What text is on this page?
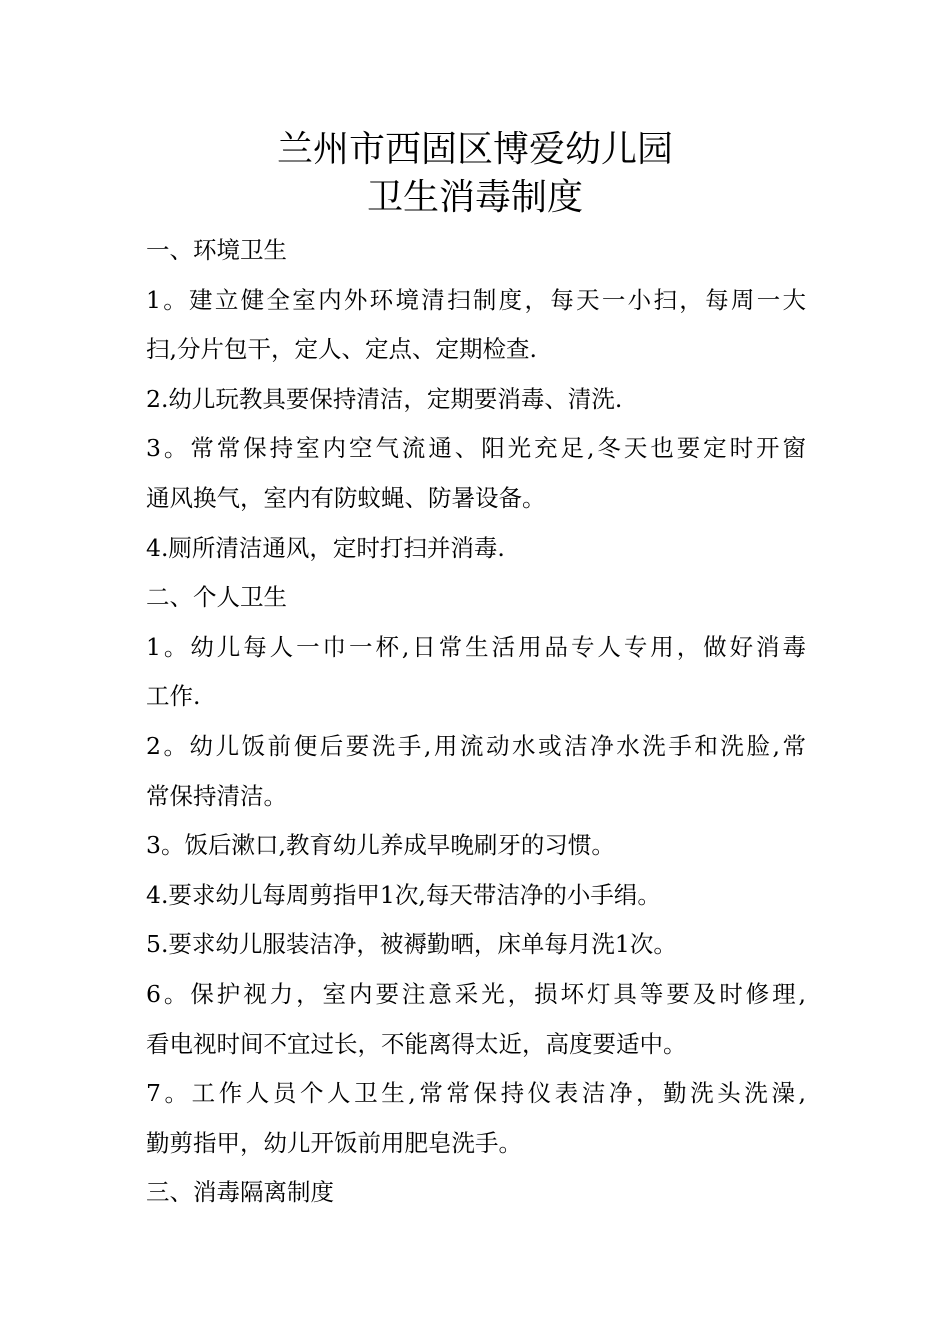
兰州市西固区博爱幼儿园
卫生消毒制度
一、环境卫生
1。建立健全室内外环境清扫制度，每天一小扫，每周一大
扫,分片包干，定人、定点、定期检查.
2.幼儿玩教具要保持清洁，定期要消毒、清洗.
3。常常保持室内空气流通、阳光充足,冬天也要定时开窗
通风换气，室内有防蚊蝇、防暑设备。
4.厕所清洁通风，定时打扫并消毒.
二、个人卫生
1。幼儿每人一巾一杯,日常生活用品专人专用，做好消毒
工作.
2。幼儿饭前便后要洗手,用流动水或洁净水洗手和洗脸,常
常保持清洁。
3。饭后漱口,教育幼儿养成早晚刷牙的习惯。
4.要求幼儿每周剪指甲1次,每天带洁净的小手绢。
5.要求幼儿服装洁净，被褥勤晒，床单每月洗1次。
6。保护视力，室内要注意采光，损坏灯具等要及时修理,
看电视时间不宜过长，不能离得太近，高度要适中。
7。工作人员个人卫生,常常保持仪表洁净，勤洗头洗澡,
勤剪指甲，幼儿开饭前用肥皂洗手。
三、消毒隔离制度
